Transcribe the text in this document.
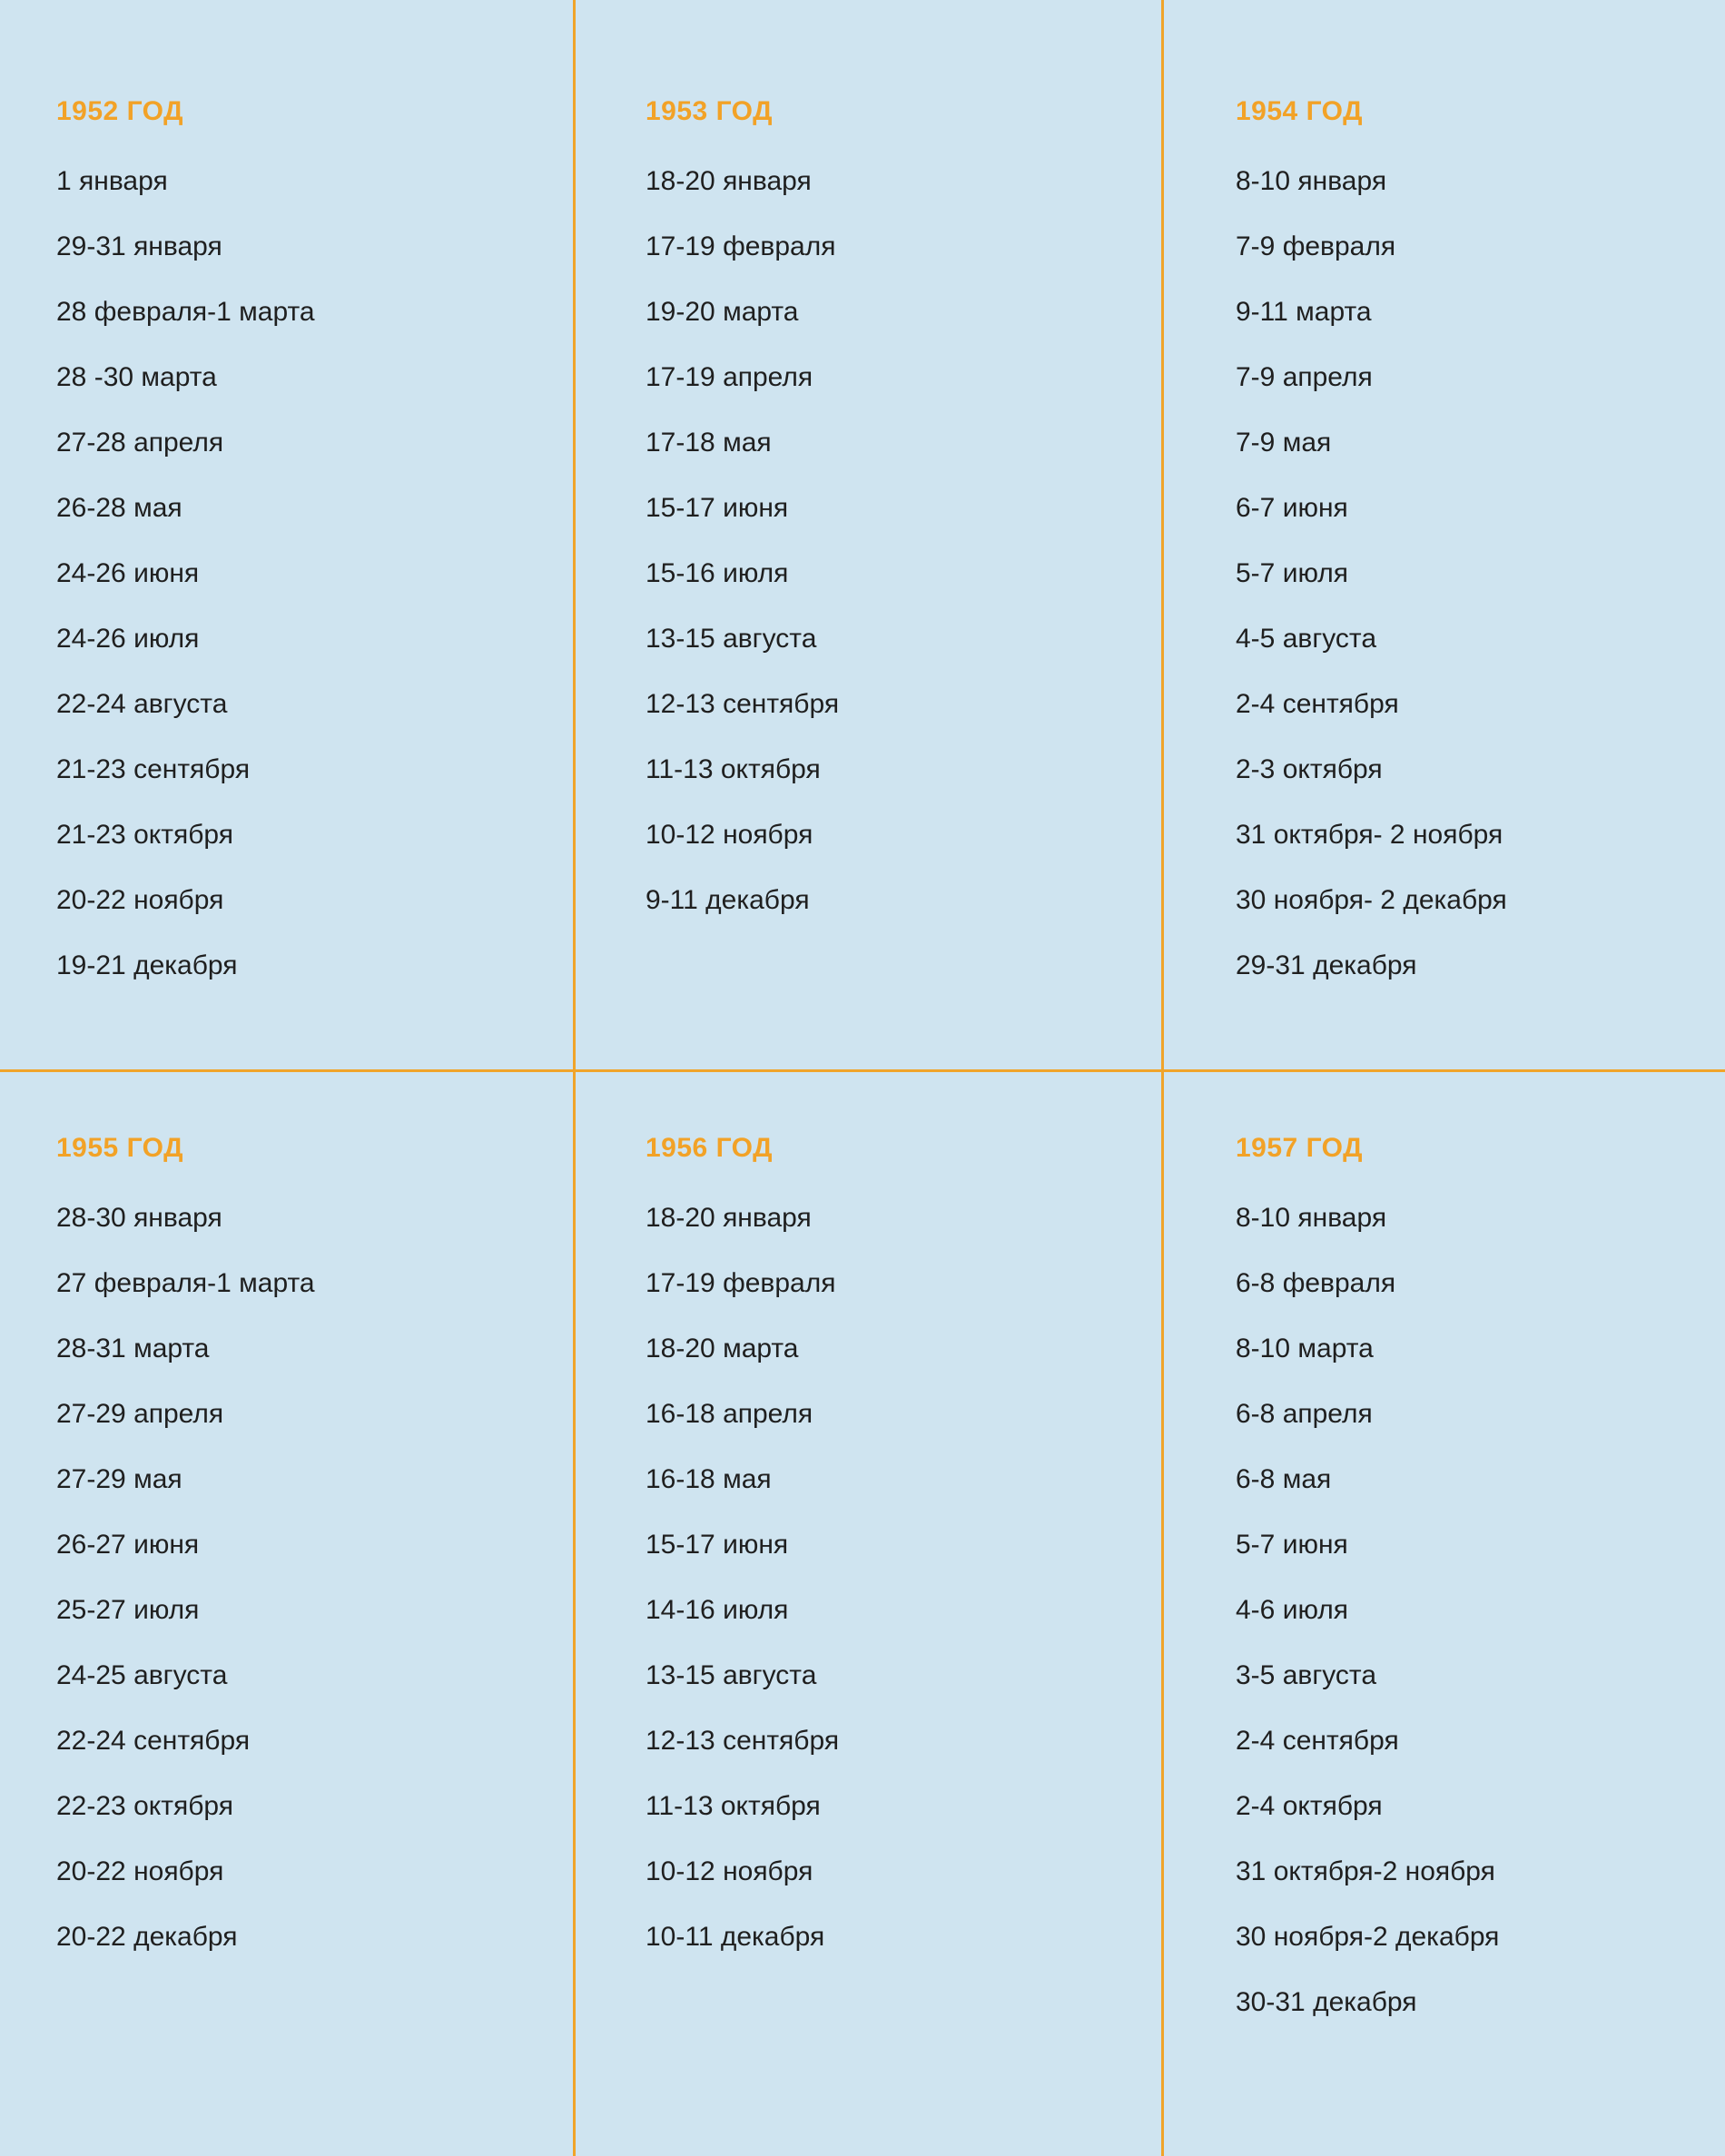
1952 ГОД
1 января
29-31 января
28 февраля-1 марта
28 -30 марта
27-28 апреля
26-28 мая
24-26 июня
24-26 июля
22-24 августа
21-23 сентября
21-23 октября
20-22 ноября
19-21 декабря
1953 ГОД
18-20 января
17-19 февраля
19-20 марта
17-19 апреля
17-18 мая
15-17 июня
15-16 июля
13-15 августа
12-13 сентября
11-13 октября
10-12 ноября
9-11 декабря
1954 ГОД
8-10 января
7-9 февраля
9-11 марта
7-9 апреля
7-9 мая
6-7 июня
5-7 июля
4-5 августа
2-4 сентября
2-3 октября
31 октября- 2 ноября
30 ноября- 2 декабря
29-31 декабря
1955 ГОД
28-30 января
27 февраля-1 марта
28-31 марта
27-29 апреля
27-29 мая
26-27 июня
25-27 июля
24-25 августа
22-24 сентября
22-23 октября
20-22 ноября
20-22 декабря
1956 ГОД
18-20 января
17-19 февраля
18-20 марта
16-18 апреля
16-18 мая
15-17 июня
14-16 июля
13-15 августа
12-13 сентября
11-13 октября
10-12 ноября
10-11 декабря
1957 ГОД
8-10 января
6-8 февраля
8-10 марта
6-8 апреля
6-8 мая
5-7 июня
4-6 июля
3-5 августа
2-4 сентября
2-4 октября
31 октября-2 ноября
30 ноября-2 декабря
30-31 декабря
